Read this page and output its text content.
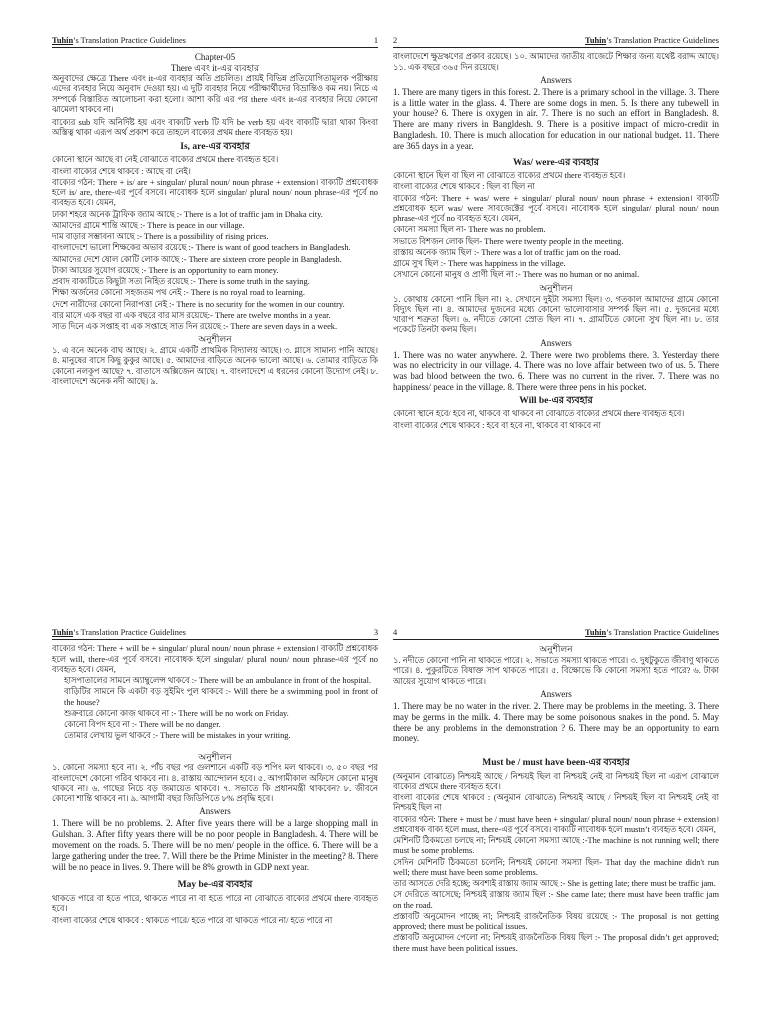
Tuhin’s Translation Practice Guidelines	1
Chapter-05
There এবং it-এর ব্যবহার

অনুবাদের ক্ষেত্রে There এবং it-এর ব্যবহার অতি প্রচলিত। প্রায়ই বিভিন্ন প্রতিযোগিতামূলক পরীক্ষায় এদের ব্যবহার নিয়ে অনুবাদ দেওয়া হয়। এ দুটি ব্যবহার নিয়ে পরীক্ষার্থীদের বিভ্রান্তিও কম নয়। নিচে এ সম্পর্কে বিস্তারিত আলোচনা করা হলো। আশা করি এর পর there এবং it-এর ব্যবহার নিয়ে কোনো ঝামেলা থাকবে না।

বাক্যের sub যদি অনির্দিষ্ট হয় এবং বাক্যটি verb টি যদি be verb হয় এবং বাক্যটি দ্বারা থাকা কিংবা অস্তিত্ব থাকা এরূপ অর্থ প্রকাশ করে তাহলে বাক্যের প্রথম there ব্যবহৃত হয়।

Is, are-এর ব্যবহার

কোনো স্থানে আছে বা নেই বোঝাতে বাক্যের প্রথমে there ব্যবহৃত হবে।

বাংলা বাক্যের শেষে থাকবে : আছে বা নেই।

বাক্যের গঠন: There + is/ are + singular/ plural noun/ noun phrase + extension। বাক্যটি প্রশ্নবোধক হলে is/ are, there-এর পূর্বে বসবে। নাবোধক হলে singular/ plural noun/ noun phrase-এর পূর্বে no ব্যবহৃত হবে। যেমন,

ঢাকা শহরে অনেক ট্রাফিক জ্যাম আছে :- There is a lot of traffic jam in Dhaka city.

আমাদের গ্রামে শান্তি আছে :- There is peace in our village.

দাম বাড়ার সম্ভাবনা আছে :- There is a possibility of rising prices.

বাংলাদেশে ভালো শিক্ষকের অভাব রয়েছে :- There is want of good teachers in Bangladesh.

আমাদের দেশে ষোল কোটি লোক আছে :- There are sixteen crore people in Bangladesh.

টাকা আয়ের সুযোগ রয়েছে :- There is an opportunity to earn money.

প্রবাদ বাক্যটিতে কিছুটা সত্য নিহিত রয়েছে :- There is some truth in the saying.

শিক্ষা অর্জনের কোনো সহজতম পথ নেই :- There is no royal road to learning.

দেশে নারীদের কোনো নিরাপত্তা নেই :- There is no security for the women in our country.

বার মাসে এক বছর বা এক বছরে বার মাস রয়েছে:- There are twelve months in a year.

সাত দিনে এক সপ্তাহ বা এক সপ্তাহে সাত দিন রয়েছে :- There are seven days in a week.

অনুশীলন

১. এ বনে অনেক বাঘ আছে। ২. গ্রামে একটি প্রাথমিক বিদ্যালয় আছে। ৩. গ্লাসে সামান্য পানি আছে। ৪. মানুষের বাসে কিছু কুকুর আছে। ৫. আমাদের বাড়িতে অনেক ভালো আছে। ৬. তোমার বাড়িতে কি কোনো নলকূপ আছে? ৭. বাতাসে অক্সিজেন আছে। ৭. বাংলাদেশে এ ধরনের কোনো উদ্যোগ নেই। ৮. বাংলাদেশে অনেক নদী আছে। ৯.

2	Tuhin’s Translation Practice Guidelines

বাংলাদেশে ক্ষুদ্রঋণের প্রকাব রয়েছে। ১০. আমাদের জাতীয় বাজেটে শিক্ষার জন্য যথেষ্ট বরাদ্দ আছে। ১১. এক বছরে ৩৬৫ দিন রয়েছে।

Answers

1. There are many tigers in this forest. 2. There is a primary school in the village. 3. There is a little water in the glass. 4. There are some dogs in men. 5. Is there any tubewell in your house? 6. There is oxygen in air. 7. There is no such an effort in Bangladesh. 8. There are many rivers in Bangldesh. 9. There is a positive impact of micro-credit in Bangladesh. 10. There is much allocation for education in our national budget. 11. There are 365 days in a year.

Was/ were-এর ব্যবহার

কোনো স্থানে ছিল বা ছিল না বোঝাতে বাক্যের প্রথমে there ব্যবহৃত হবে।

বাংলা বাক্যের শেষে থাকবে : ছিল বা ছিল না

বাক্যের গঠন: There + was/ were + singular/ plural noun/ noun phrase + extension। বাক্যটি প্রশ্নবোধক হলে was/ were সাবজেক্টের পূর্বে বসবে। নাবোধক হলে singular/ plural noun/ noun phrase-এর পূর্বে no ব্যবহৃত হবে। যেমন,

কোনো সমস্যা ছিল না- There was no problem.

সভাতে বিশজন লোক ছিল- There were twenty people in the meeting.

রাস্তায় অনেক জ্যাম ছিল :- There was a lot of traffic jam on the road.

গ্রামে সুখ ছিল :- There was happiness in the village.

সেখানে কোনো মানুষ ও প্রাণী ছিল না :- There was no human or no animal.

অনুশীলন

১. কোথায় কোনো পানি ছিল না। ২. সেখানে দুইটা সমস্যা ছিল। ৩. গতকাল আমাদের গ্রামে কোনো বিদ্যুৎ ছিল না। ৪. আমাদের দুজনের মধ্যে কোনো ভালোবাসার সম্পর্ক ছিল না। ৫. দুজনের মধ্যে খারাপ শত্রুতা ছিল। ৬. নদীতে কোনো স্রোত ছিল না। ৭. গ্রামটিতে কোনো সুখ ছিল না। ৮. তার পকেটে তিনটা কলম ছিল।

Answers

1. There was no water anywhere. 2. There were two problems there. 3. Yesterday there was no electricity in our village. 4. There was no love affair between two of us. 5. There was bad blood between the two. 6. There was no current in the river. 7. There was no happiness/ peace in the village. 8. There were three pens in his pocket.

Will be-এর ব্যবহার

কোনো স্থানে হবে/ হবে না, থাকবে বা থাকবে না বোঝাতে বাক্যের প্রথমে there ব্যবহৃত হবে।

বাংলা বাক্যের শেষে থাকবে : হবে বা হবে না, থাকবে বা থাকবে না

Tuhin’s Translation Practice Guidelines	3

বাক্যের গঠন: There + will be + singular/ plural noun/ noun phrase + extension। বাক্যটি প্রশ্নবোধক হলে will, there-এর পূর্বে বসবে। নাবোধক হলে singular/ plural noun/ noun phrase-এর পূর্বে no ব্যবহৃত হবে। যেমন,

হাসপাতালের সামনে অ্যাম্বুলেন্স থাকবে :- There will be an ambulance in front of the hospital.

বাড়িটির সামনে কি একটা বড় সুইমিং পুল থাকবে :- Will there be a swimming pool in front of the house?

শুক্রবারে কোনো কাজ থাকবে না :- There will be no work on Friday.

কোনো বিপদ হবে না :- There will be no danger.

তোমার লেখায় ভুল থাকবে :- There will be mistakes in your writing.

অনুশীলন

১. কোনো সমস্যা হবে না। ২. পাঁচ বছর পর গুলশানে একটি বড় শপিং মল থাকবে। ৩. ৫০ বছর পর বাংলাদেশে কোনো গরিব থাকবে না। ৪. রাস্তায় আন্দোলন হবে। ৫. আগামীকাল অফিসে কোনো মানুষ থাকবে না। ৬. গাছের নিচে বড় জমায়েত থাকবে। ৭. সভাতে কি প্রধানমন্ত্রী থাকবেন? ৮. জীবনে কোনো শান্তি থাকবে না। ৯. আগামী বছর জিডিপিতে ৮% প্রবৃদ্ধি হবে।

Answers

1. There will be no problems. 2. After five years there will be a large shopping mall in Gulshan. 3. After fifty years there will be no poor people in Bangladesh. 4. There will be movement on the roads. 5. There will be no men/ people in the office. 6. There will be a large gathering under the tree. 7. Will there be the Prime Minister in the meeting? 8. There will be no peace in lives. 9. There will be 8% growth in GDP next year.

May be-এর ব্যবহার

থাকতে পারে বা হতে পারে, থাকতে পারে না বা হতে পারে না বোঝাতে বাক্যের প্রথমে there ব্যবহৃত হবে।

বাংলা বাক্যের শেষে থাকবে : থাকতে পারে/ হতে পারে বা থাকতে পারে না/ হতে পারে না

4	Tuhin’s Translation Practice Guidelines
অনুশীলন

১. নদীতে কোনো পানি না থাকতে পারে। ২. সভাতে সমস্যা থাকতে পারে। ৩. দুধটুকুতে জীবাণু থাকতে পারে। ৪. পুকুরটিতে বিষাক্ত সাপ থাকতে পারে। ৫. বিক্ষোভে কি কোনো সমস্যা হতে পারে? ৬. টাকা আয়ের সুযোগ থাকতে পারে।

Answers

1. There may be no water in the river. 2. There may be problems in the meeting. 3. There may be germs in the milk. 4. There may be some poisonous snakes in the pond. 5. May there be any problems in the demonstration ? 6. There may be an opportunity to earn money.

Must be / must have been-এর ব্যবহার

(অনুমান বোঝাতে) নিশ্চয়ই আছে / নিশ্চয়ই ছিল বা নিশ্চয়ই নেই বা নিশ্চয়ই ছিল না এরূপ বোঝালে বাক্যের প্রথমে there ব্যবহৃত হবে।

বাংলা বাক্যের শেষে থাকবে : (অনুমান বোঝাতে) নিশ্চয়ই আছে / নিশ্চয়ই ছিল বা নিশ্চয়ই নেই বা নিশ্চয়ই ছিল না

বাক্যের গঠন: There + must be / must have been + singular/ plural noun/ noun phrase + extension। প্রশ্নবোধক বাক্য হলে must, there-এর পূর্বে বসবে। বাক্যটি নাবোধক হলে mustn’t ব্যবহৃত হবে। যেমন,

মেশিনটি ঠিকমতো চলছে না; নিশ্চয়ই কোনো সমস্যা আছে :-The machine is not running well; there must be some problems.

সেদিন মেশিনটি ঠিকমতো চলেনি; নিশ্চয়ই কোনো সমস্যা ছিল- That day the machine didn't run well; there must have been some problems.

তার আসতে দেরি হচ্ছে; অবশ্যই রাস্তায় জ্যাম আছে :- She is getting late; there must be traffic jam.

সে দেরিতে আসেছে; নিশ্চয়ই রাস্তায় জ্যাম ছিল :- She came late; there must have been traffic jam on the road.

প্রস্তাবটি অনুমোদন পাচ্ছে না; নিশ্চয়ই রাজনৈতিক বিষয় রয়েছে :- The proposal is not getting approved; there must be political issues.

প্রস্তাবটি অনুমোদন পেলো না; নিশ্চয়ই রাজনৈতিক বিষয় ছিল :- The proposal didn’t get approved; there must have been political issues.
